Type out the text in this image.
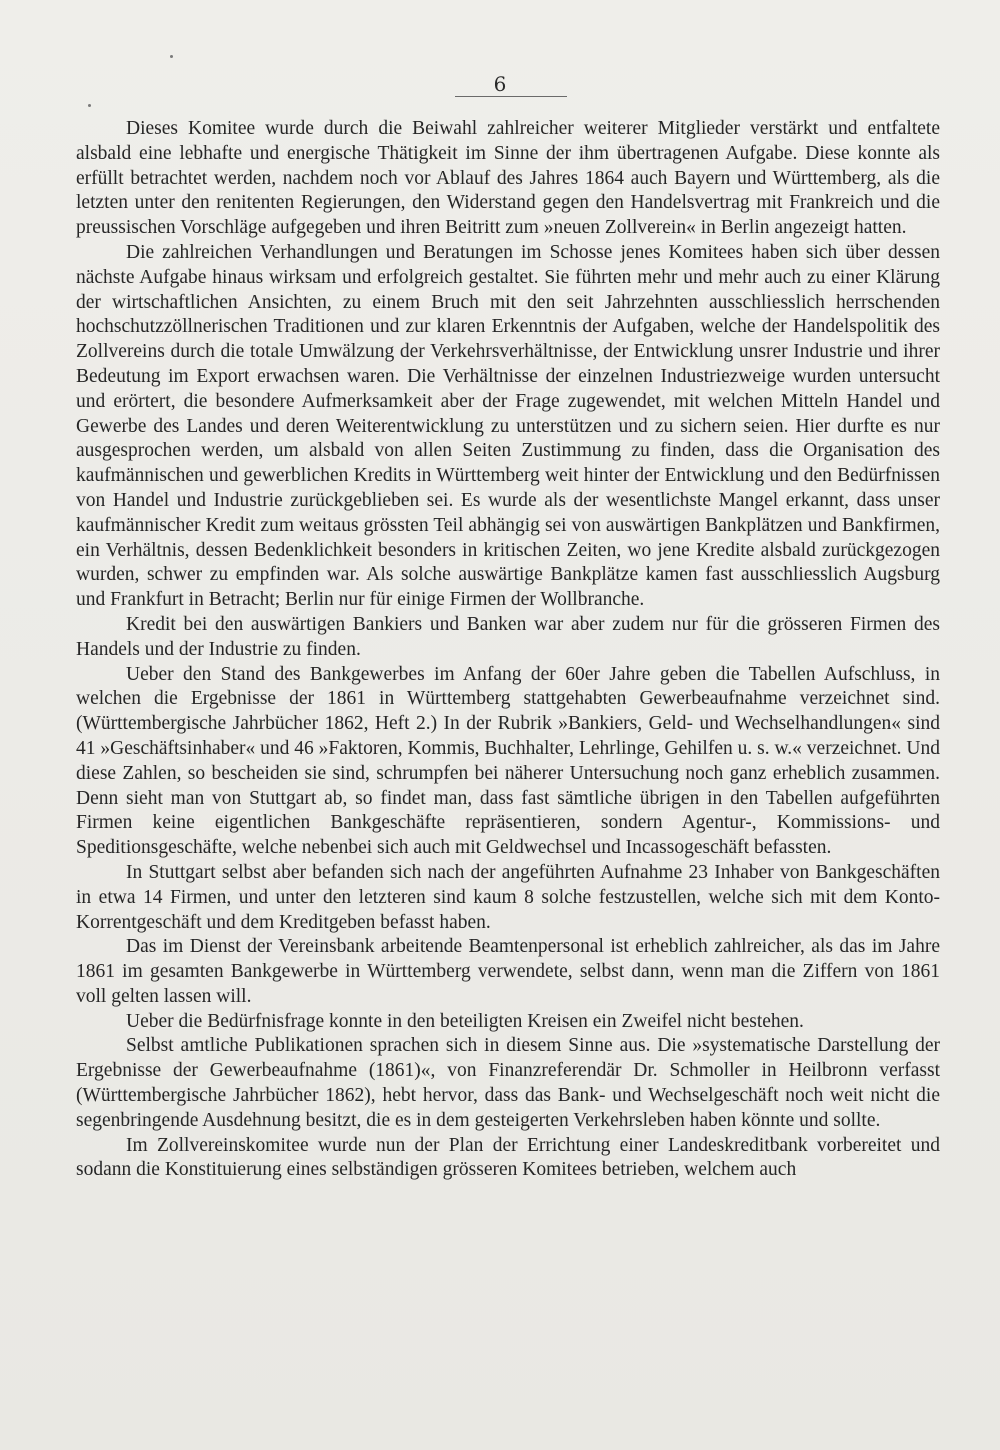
6

Dieses Komitee wurde durch die Beiwahl zahlreicher weiterer Mitglieder verstärkt und entfaltete alsbald eine lebhafte und energische Thätigkeit im Sinne der ihm übertragenen Aufgabe. Diese konnte als erfüllt betrachtet werden, nachdem noch vor Ablauf des Jahres 1864 auch Bayern und Württemberg, als die letzten unter den renitenten Regierungen, den Widerstand gegen den Handelsvertrag mit Frankreich und die preussischen Vorschläge aufgegeben und ihren Beitritt zum »neuen Zollverein« in Berlin angezeigt hatten.

Die zahlreichen Verhandlungen und Beratungen im Schosse jenes Komitees haben sich über dessen nächste Aufgabe hinaus wirksam und erfolgreich gestaltet. Sie führten mehr und mehr auch zu einer Klärung der wirtschaftlichen Ansichten, zu einem Bruch mit den seit Jahrzehnten ausschliesslich herrschenden hochschutzzöllnerischen Traditionen und zur klaren Erkenntnis der Aufgaben, welche der Handelspolitik des Zollvereins durch die totale Umwälzung der Verkehrsverhältnisse, der Entwicklung unsrer Industrie und ihrer Bedeutung im Export erwachsen waren. Die Verhältnisse der einzelnen Industriezweige wurden untersucht und erörtert, die besondere Aufmerksamkeit aber der Frage zugewendet, mit welchen Mitteln Handel und Gewerbe des Landes und deren Weiterentwicklung zu unterstützen und zu sichern seien. Hier durfte es nur ausgesprochen werden, um alsbald von allen Seiten Zustimmung zu finden, dass die Organisation des kaufmännischen und gewerblichen Kredits in Württemberg weit hinter der Entwicklung und den Bedürfnissen von Handel und Industrie zurückgeblieben sei. Es wurde als der wesentlichste Mangel erkannt, dass unser kaufmännischer Kredit zum weitaus grössten Teil abhängig sei von auswärtigen Bankplätzen und Bankfirmen, ein Verhältnis, dessen Bedenklichkeit besonders in kritischen Zeiten, wo jene Kredite alsbald zurückgezogen wurden, schwer zu empfinden war. Als solche auswärtige Bankplätze kamen fast ausschliesslich Augsburg und Frankfurt in Betracht; Berlin nur für einige Firmen der Wollbranche.

Kredit bei den auswärtigen Bankiers und Banken war aber zudem nur für die grösseren Firmen des Handels und der Industrie zu finden.

Ueber den Stand des Bankgewerbes im Anfang der 60er Jahre geben die Tabellen Aufschluss, in welchen die Ergebnisse der 1861 in Württemberg stattgehabten Gewerbeaufnahme verzeichnet sind. (Württembergische Jahrbücher 1862, Heft 2.) In der Rubrik »Bankiers, Geld- und Wechselhandlungen« sind 41 »Geschäftsinhaber« und 46 »Faktoren, Kommis, Buchhalter, Lehrlinge, Gehilfen u. s. w.« verzeichnet. Und diese Zahlen, so bescheiden sie sind, schrumpfen bei näherer Untersuchung noch ganz erheblich zusammen. Denn sieht man von Stuttgart ab, so findet man, dass fast sämtliche übrigen in den Tabellen aufgeführten Firmen keine eigentlichen Bankgeschäfte repräsentieren, sondern Agentur-, Kommissions- und Speditionsgeschäfte, welche nebenbei sich auch mit Geldwechsel und Incassogeschäft befassten.

In Stuttgart selbst aber befanden sich nach der angeführten Aufnahme 23 Inhaber von Bankgeschäften in etwa 14 Firmen, und unter den letzteren sind kaum 8 solche festzustellen, welche sich mit dem Konto-Korrentgeschäft und dem Kreditgeben befasst haben.

Das im Dienst der Vereinsbank arbeitende Beamtenpersonal ist erheblich zahlreicher, als das im Jahre 1861 im gesamten Bankgewerbe in Württemberg verwendete, selbst dann, wenn man die Ziffern von 1861 voll gelten lassen will.

Ueber die Bedürfnisfrage konnte in den beteiligten Kreisen ein Zweifel nicht bestehen.

Selbst amtliche Publikationen sprachen sich in diesem Sinne aus. Die »systematische Darstellung der Ergebnisse der Gewerbeaufnahme (1861)«, von Finanzreferendär Dr. Schmoller in Heilbronn verfasst (Württembergische Jahrbücher 1862), hebt hervor, dass das Bank- und Wechselgeschäft noch weit nicht die segenbringende Ausdehnung besitzt, die es in dem gesteigerten Verkehrsleben haben könnte und sollte.

Im Zollvereinskomitee wurde nun der Plan der Errichtung einer Landeskreditbank vorbereitet und sodann die Konstituierung eines selbständigen grösseren Komitees betrieben, welchem auch
